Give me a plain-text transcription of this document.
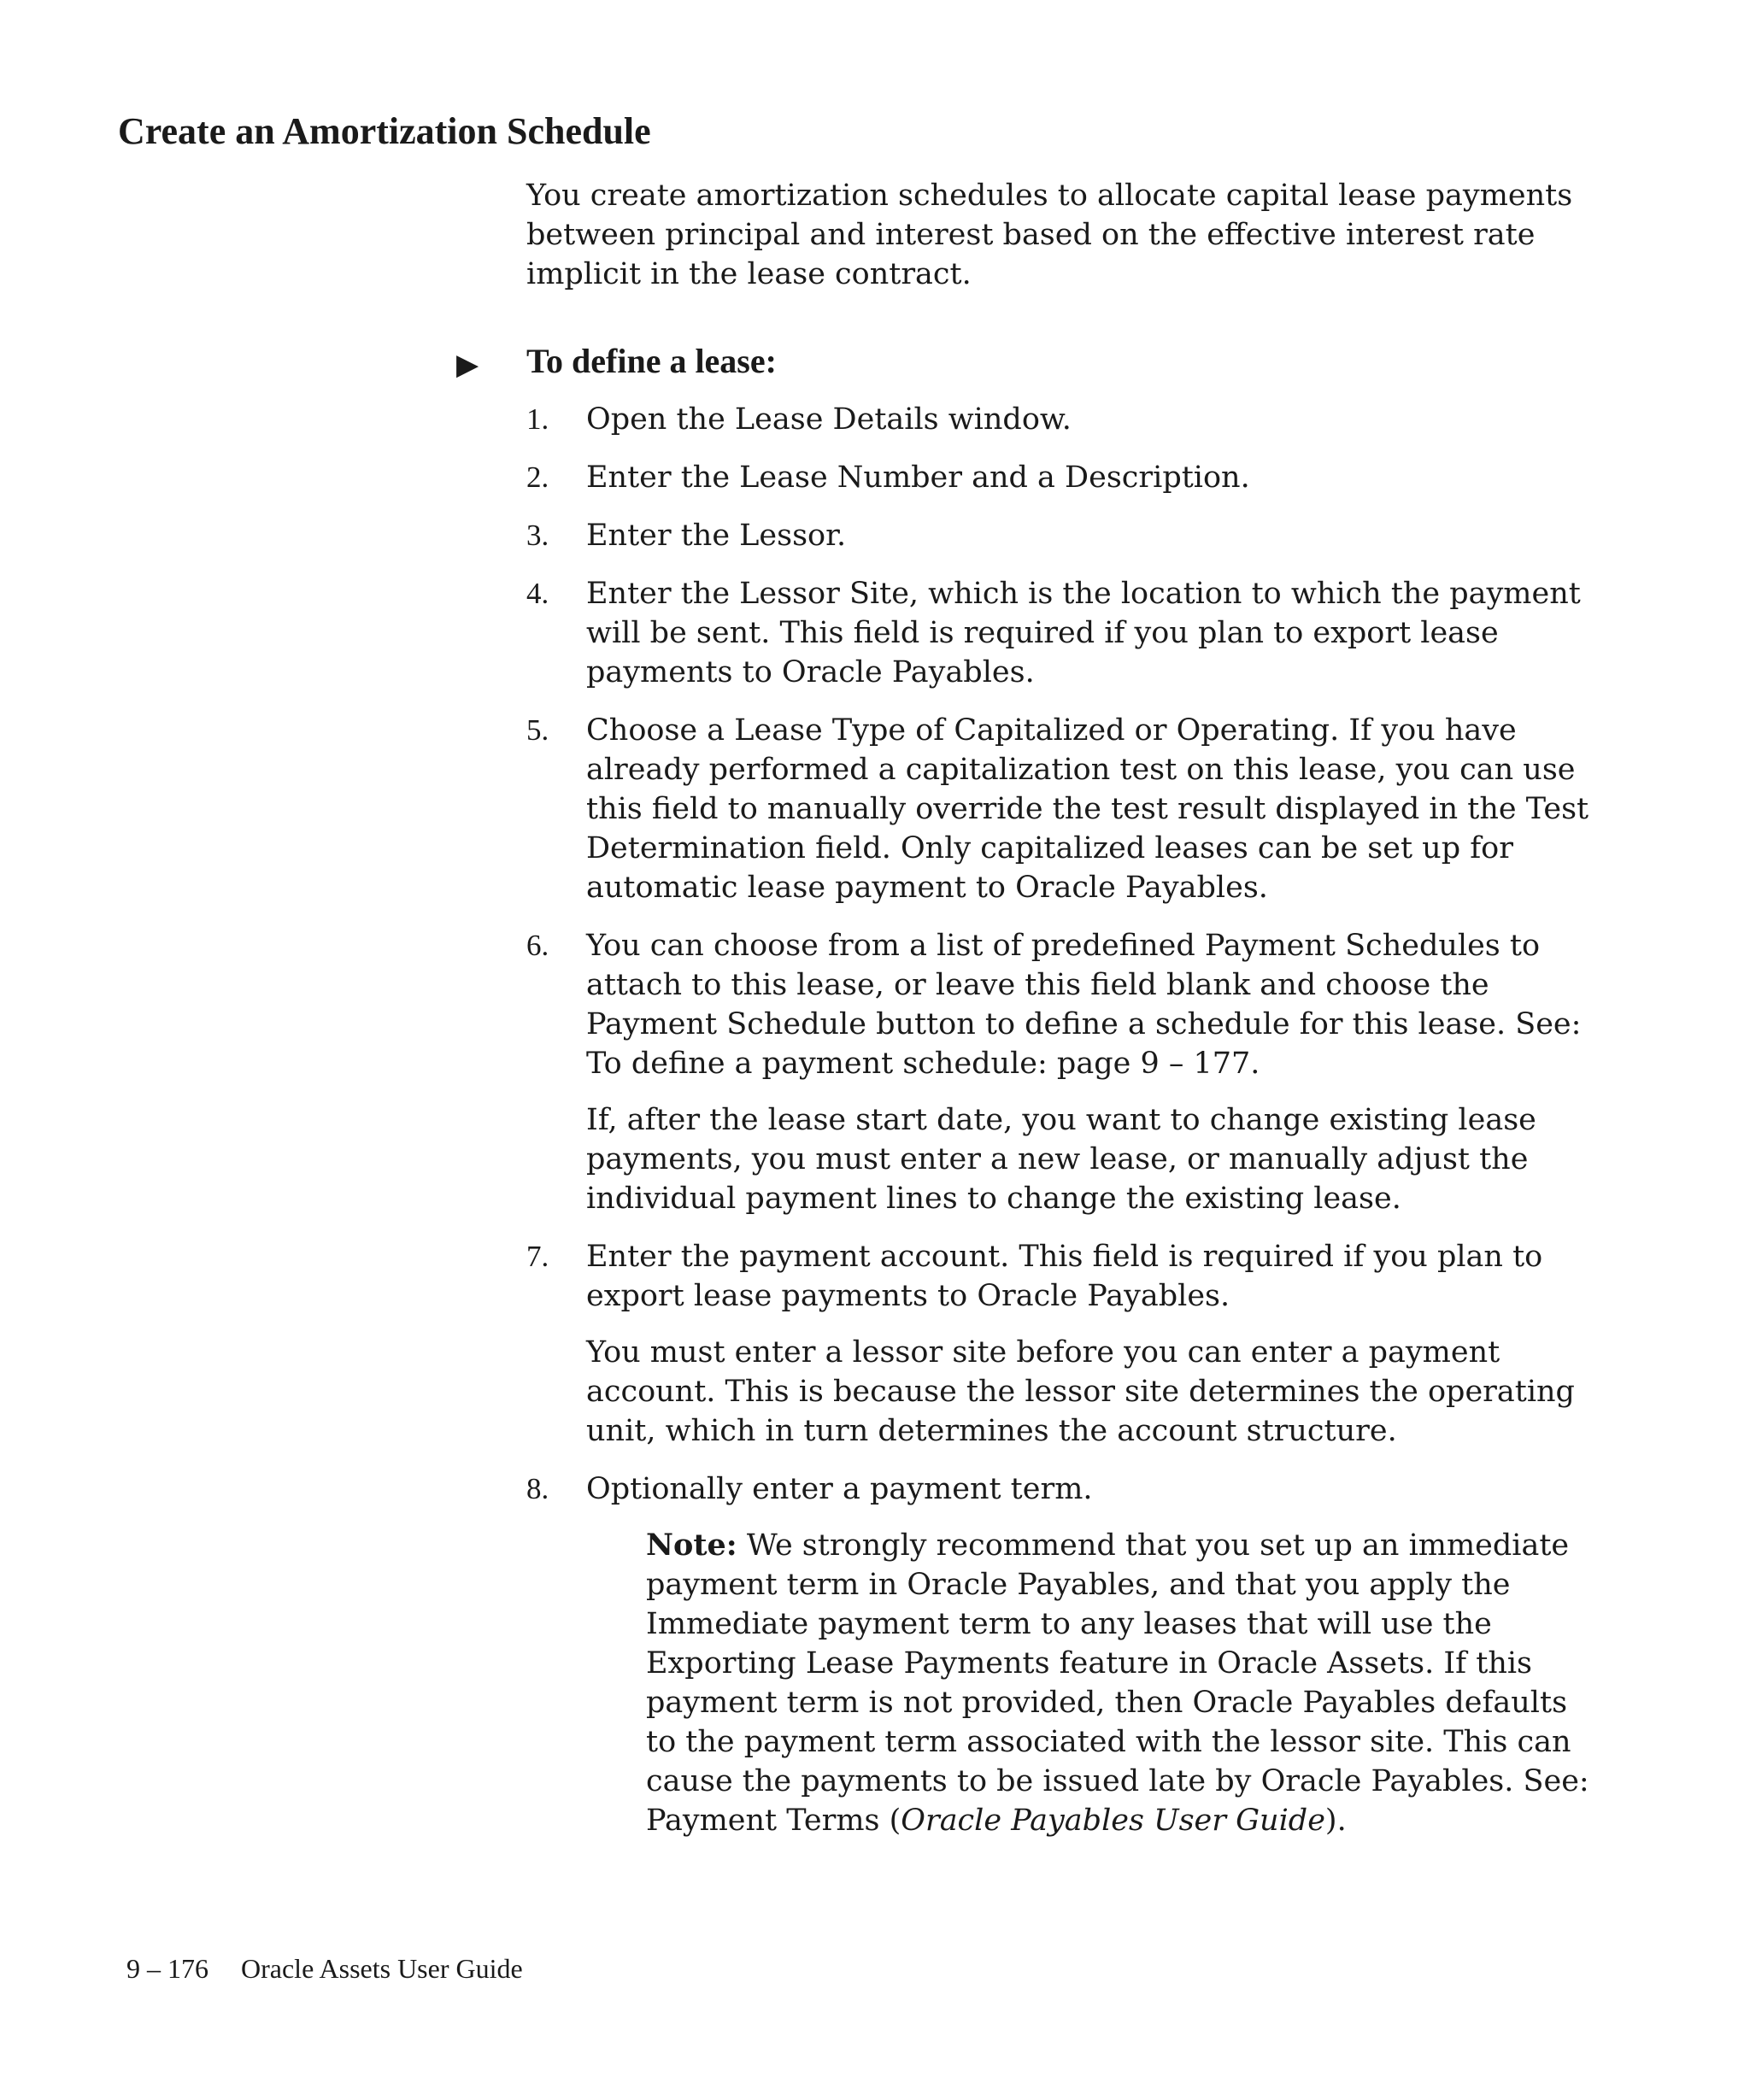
Create an Amortization Schedule

You create amortization schedules to allocate capital lease payments between principal and interest based on the effective interest rate implicit in the lease contract.

▶ To define a lease:
1. Open the Lease Details window.

2. Enter the Lease Number and a Description.

3. Enter the Lessor.

4. Enter the Lessor Site, which is the location to which the payment will be sent. This field is required if you plan to export lease payments to Oracle Payables.

5. Choose a Lease Type of Capitalized or Operating. If you have already performed a capitalization test on this lease, you can use this field to manually override the test result displayed in the Test Determination field. Only capitalized leases can be set up for automatic lease payment to Oracle Payables.

6. You can choose from a list of predefined Payment Schedules to attach to this lease, or leave this field blank and choose the Payment Schedule button to define a schedule for this lease. See: To define a payment schedule: page 9 – 177.

If, after the lease start date, you want to change existing lease payments, you must enter a new lease, or manually adjust the individual payment lines to change the existing lease.

7. Enter the payment account. This field is required if you plan to export lease payments to Oracle Payables.

You must enter a lessor site before you can enter a payment account. This is because the lessor site determines the operating unit, which in turn determines the account structure.

8. Optionally enter a payment term.

Note: We strongly recommend that you set up an immediate payment term in Oracle Payables, and that you apply the Immediate payment term to any leases that will use the Exporting Lease Payments feature in Oracle Assets. If this payment term is not provided, then Oracle Payables defaults to the payment term associated with the lessor site. This can cause the payments to be issued late by Oracle Payables. See: Payment Terms (Oracle Payables User Guide).

9 – 176 Oracle Assets User Guide
